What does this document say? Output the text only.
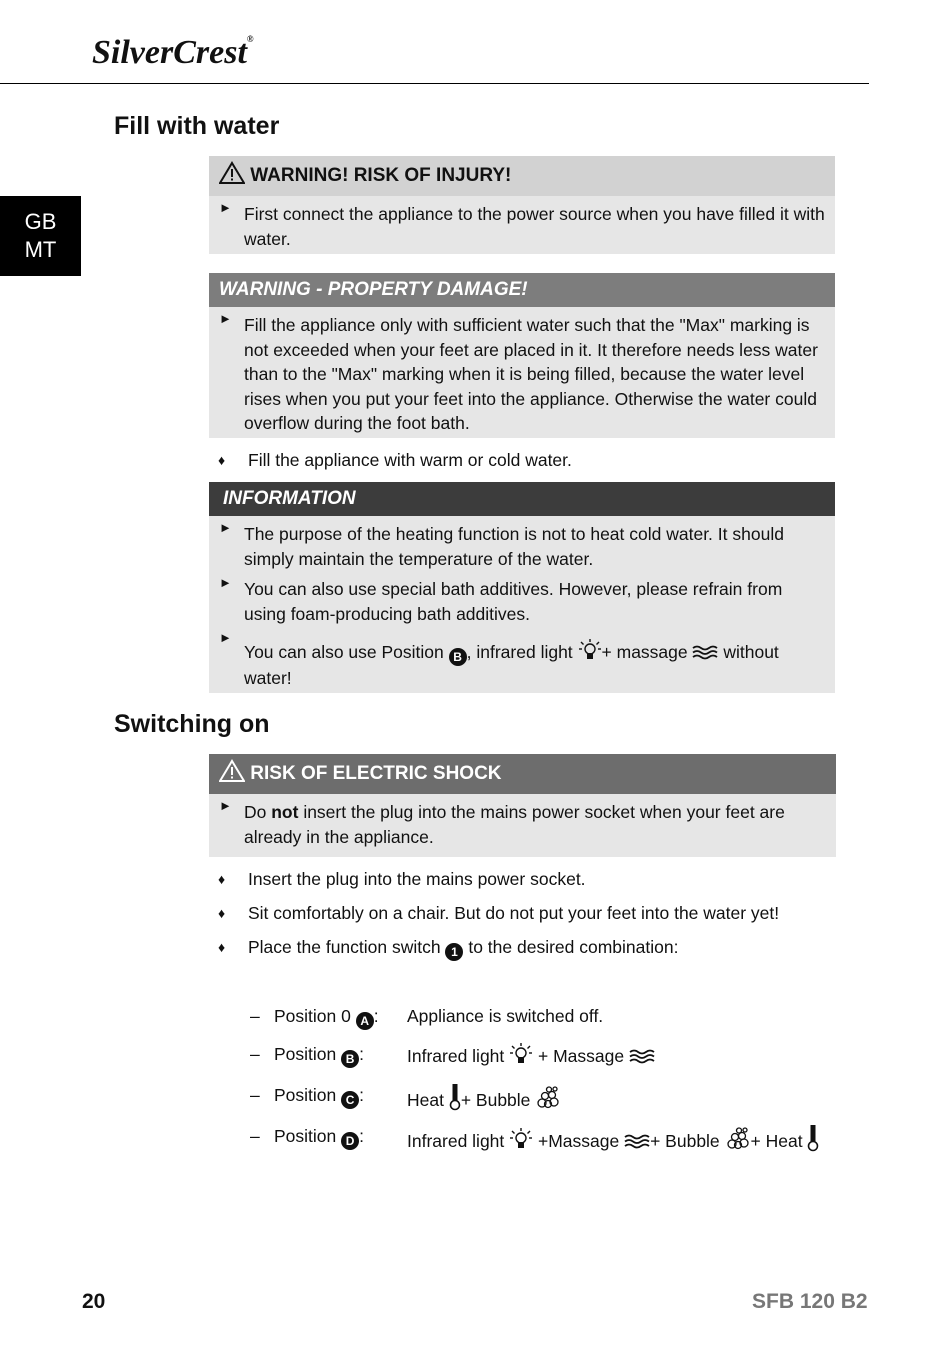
SilverCrest®
GB
MT
Fill with water
WARNING! RISK OF INJURY!
► First connect the appliance to the power source when you have filled it with water.
WARNING - PROPERTY DAMAGE!
► Fill the appliance only with sufficient water such that the "Max" marking is not exceeded when your feet are placed in it. It therefore needs less water than to the "Max" marking when it is being filled, because the water level rises when you put your feet into the appliance. Otherwise the water could overflow during the foot bath.
♦ Fill the appliance with warm or cold water.
INFORMATION
► The purpose of the heating function is not to heat cold water. It should simply maintain the temperature of the water.
► You can also use special bath additives. However, please refrain from using foam-producing bath additives.
►
You can also use Position B , infrared light + massage  without water!
Switching on
RISK OF ELECTRIC SHOCK
► Do not insert the plug into the mains power socket when your feet are already in the appliance.
♦ Insert the plug into the mains power socket.
♦ Sit comfortably on a chair. But do not put your feet into the water yet!
♦ Place the function switch 1 to the desired combination:
– Position 0 A : Appliance is switched off.
– Position B : Infrared light  + Massage
– Position C : Heat + Bubble
– Position D : Infrared light  +Massage + Bubble + Heat
20	SFB 120 B2
